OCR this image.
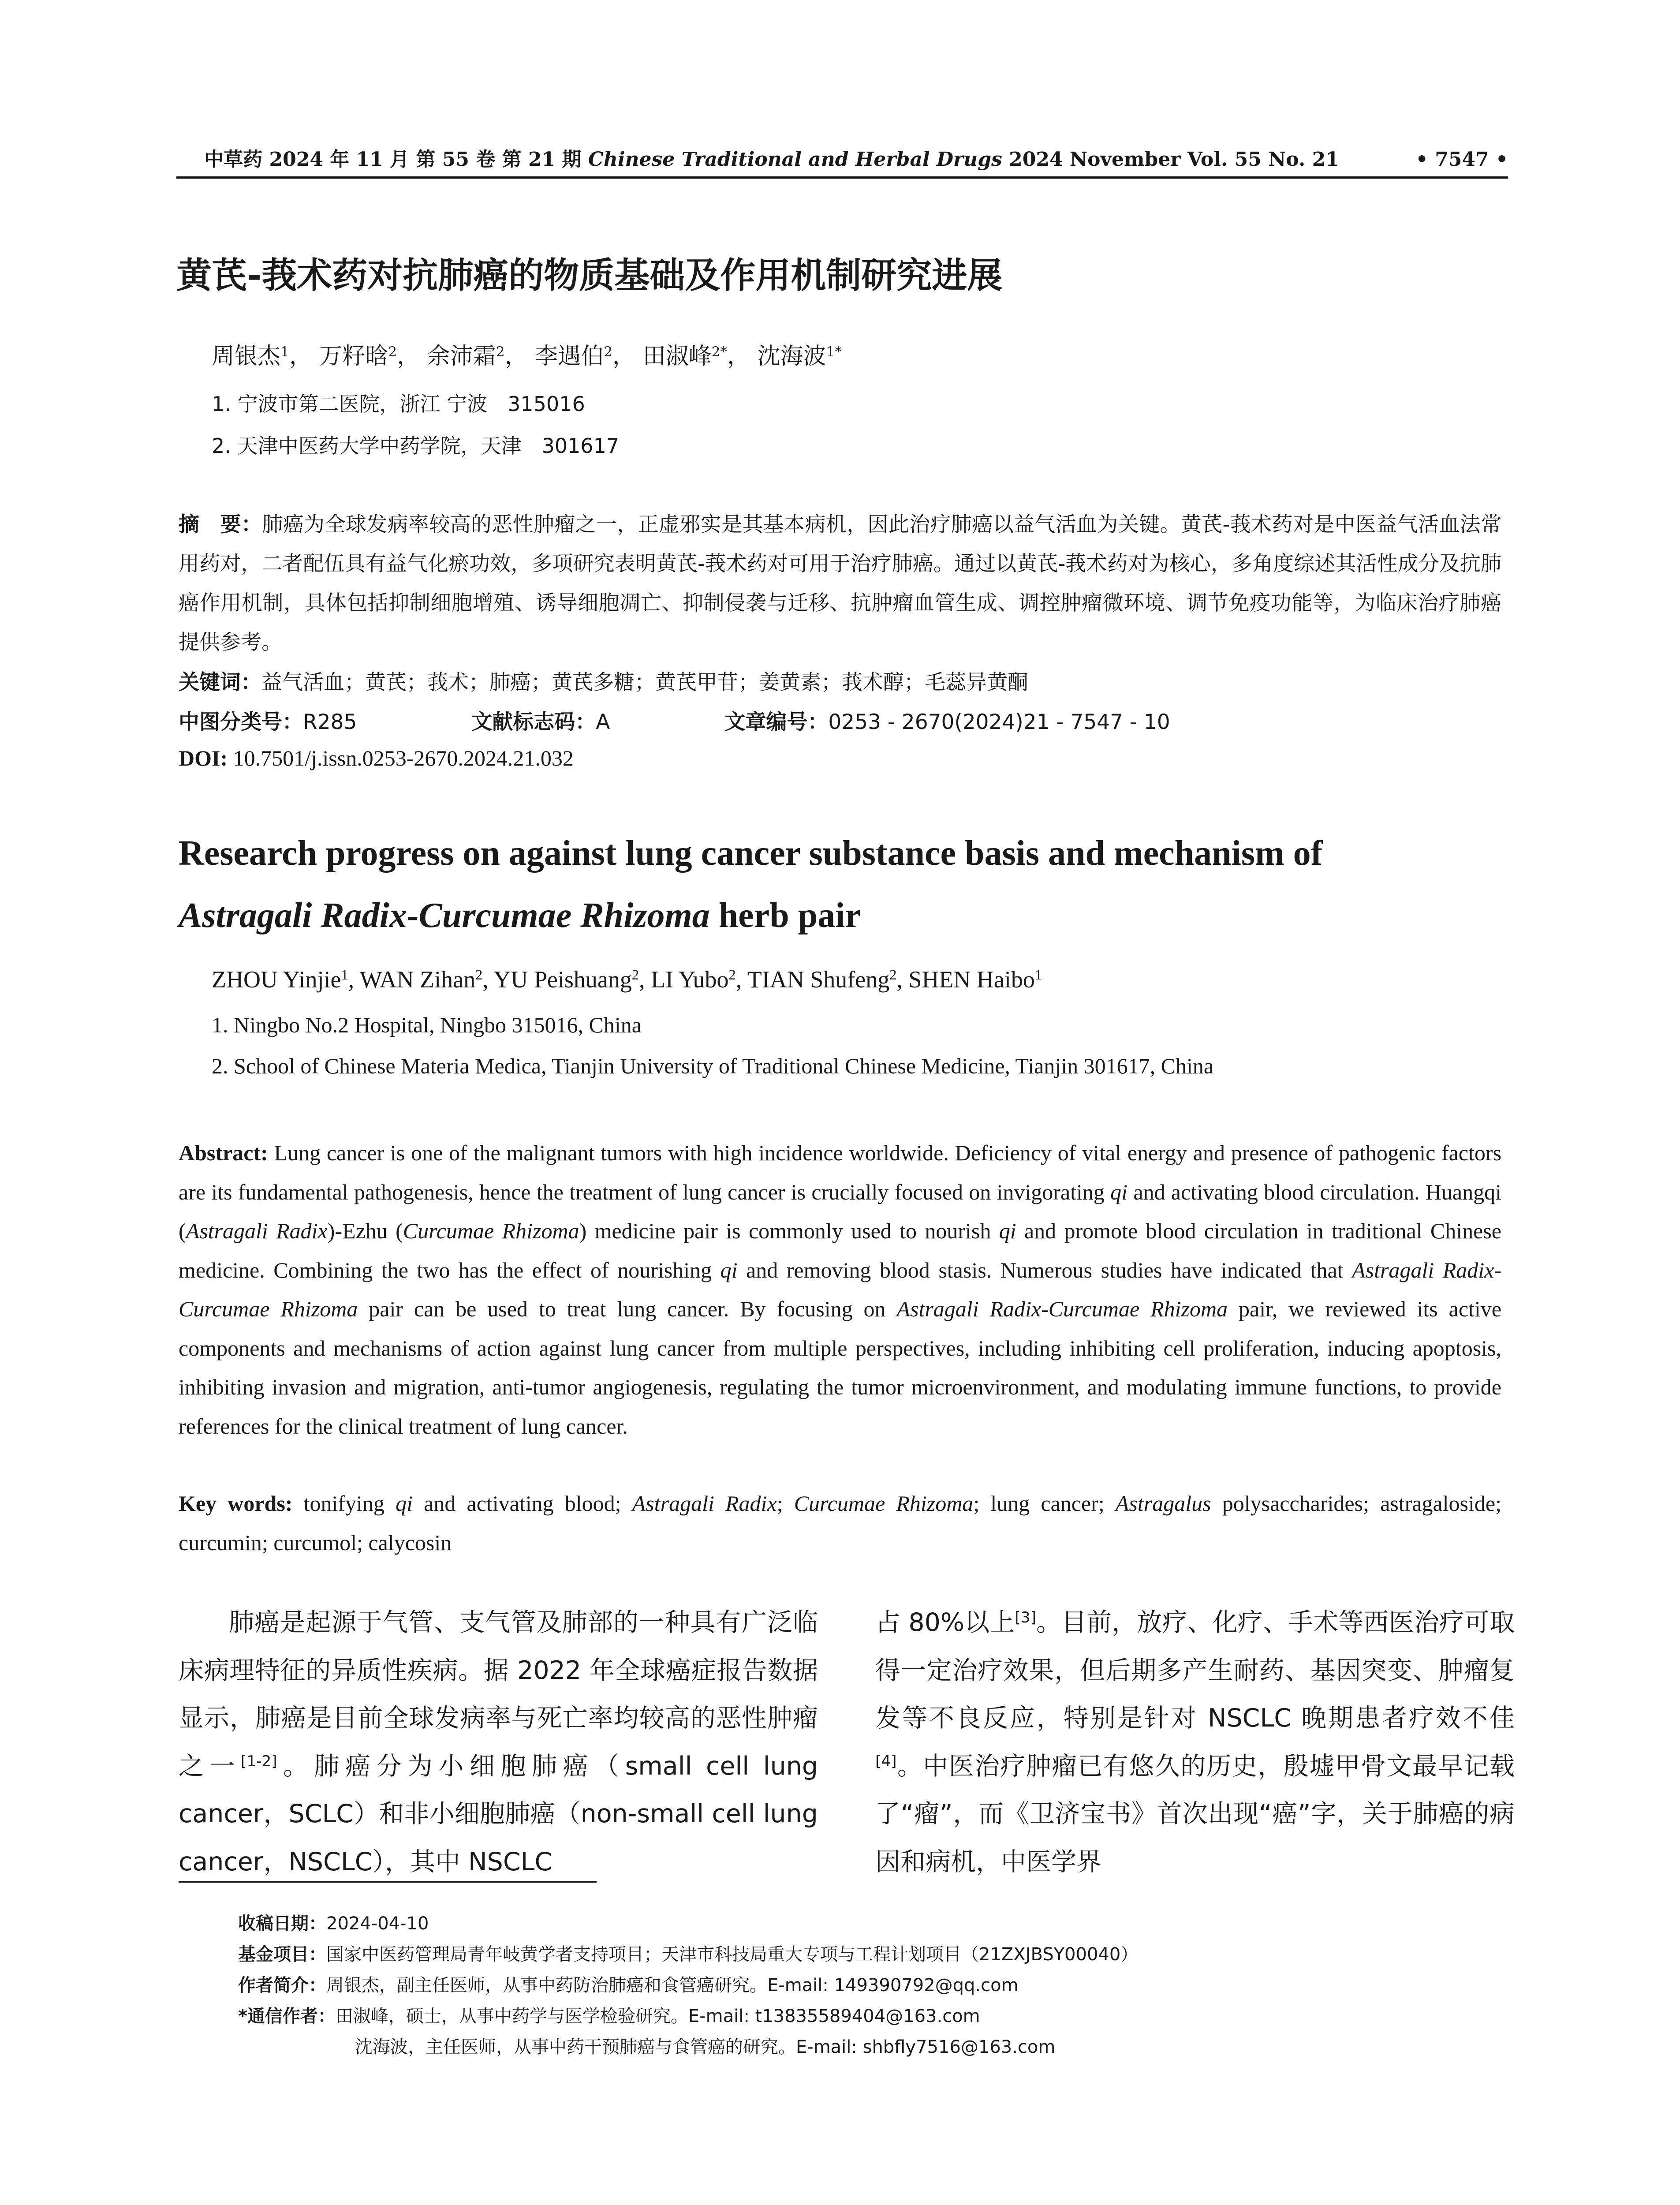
中草药 2024 年 11 月 第 55 卷 第 21 期 Chinese Traditional and Herbal Drugs 2024 November Vol. 55 No. 21	• 7547 •
黄芪-莪术药对抗肺癌的物质基础及作用机制研究进展
周银杰$^1$， 万籽晗$^2$， 余沛霜$^2$， 李遇伯$^2$， 田淑峰$^{2*}$， 沈海波$^{1*}$
1. 宁波市第二医院，浙江 宁波　315016
2. 天津中医药大学中药学院，天津　301617
摘　要：肺癌为全球发病率较高的恶性肿瘤之一，正虚邪实是其基本病机，因此治疗肺癌以益气活血为关键。黄芪-莪术药对是中医益气活血法常用药对，二者配伍具有益气化瘀功效，多项研究表明黄芪-莪术药对可用于治疗肺癌。通过以黄芪-莪术药对为核心，多角度综述其活性成分及抗肺癌作用机制，具体包括抑制细胞增殖、诱导细胞凋亡、抑制侵袭与迁移、抗肿瘤血管生成、调控肿瘤微环境、调节免疫功能等，为临床治疗肺癌提供参考。
关键词：益气活血；黄芪；莪术；肺癌；黄芪多糖；黄芪甲苷；姜黄素；莪术醇；毛蕊异黄酮
中图分类号：R285	文献标志码：A	文章编号：0253 - 2670(2024)21 - 7547 - 10
DOI: 10.7501/j.issn.0253-2670.2024.21.032
Research progress on against lung cancer substance basis and mechanism of
Astragali Radix-Curcumae Rhizoma herb pair
ZHOU Yinjie$^1$, WAN Zihan$^2$, YU Peishuang$^2$, LI Yubo$^2$, TIAN Shufeng$^2$, SHEN Haibo$^1$
1. Ningbo No.2 Hospital, Ningbo 315016, China
2. School of Chinese Materia Medica, Tianjin University of Traditional Chinese Medicine, Tianjin 301617, China
Abstract: Lung cancer is one of the malignant tumors with high incidence worldwide. Deficiency of vital energy and presence of pathogenic factors are its fundamental pathogenesis, hence the treatment of lung cancer is crucially focused on invigorating qi and activating blood circulation. Huangqi (Astragali Radix)-Ezhu (Curcumae Rhizoma) medicine pair is commonly used to nourish qi and promote blood circulation in traditional Chinese medicine. Combining the two has the effect of nourishing qi and removing blood stasis. Numerous studies have indicated that Astragali Radix-Curcumae Rhizoma pair can be used to treat lung cancer. By focusing on Astragali Radix-Curcumae Rhizoma pair, we reviewed its active components and mechanisms of action against lung cancer from multiple perspectives, including inhibiting cell proliferation, inducing apoptosis, inhibiting invasion and migration, anti-tumor angiogenesis, regulating the tumor microenvironment, and modulating immune functions, to provide references for the clinical treatment of lung cancer.
Key words: tonifying qi and activating blood; Astragali Radix; Curcumae Rhizoma; lung cancer; Astragalus polysaccharides; astragaloside; curcumin; curcumol; calycosin
肺癌是起源于气管、支气管及肺部的一种具有广泛临床病理特征的异质性疾病。据 2022 年全球癌症报告数据显示，肺癌是目前全球发病率与死亡率均较高的恶性肿瘤之一[1-2]。肺癌分为小细胞肺癌（small cell lung cancer，SCLC）和非小细胞肺癌（non-small cell lung cancer，NSCLC），其中 NSCLC
占 80%以上[3]。目前，放疗、化疗、手术等西医治疗可取得一定治疗效果，但后期多产生耐药、基因突变、肿瘤复发等不良反应，特别是针对 NSCLC 晚期患者疗效不佳[4]。中医治疗肿瘤已有悠久的历史，殷墟甲骨文最早记载了“瘤”，而《卫济宝书》首次出现“癌”字，关于肺癌的病因和病机，中医学界
收稿日期：2024-04-10
基金项目：国家中医药管理局青年岐黄学者支持项目；天津市科技局重大专项与工程计划项目（21ZXJBSY00040）
作者简介：周银杰，副主任医师，从事中药防治肺癌和食管癌研究。E-mail: 149390792@qq.com
*通信作者：田淑峰，硕士，从事中药学与医学检验研究。E-mail: t13835589404@163.com
沈海波，主任医师，从事中药干预肺癌与食管癌的研究。E-mail: shbfly7516@163.com
